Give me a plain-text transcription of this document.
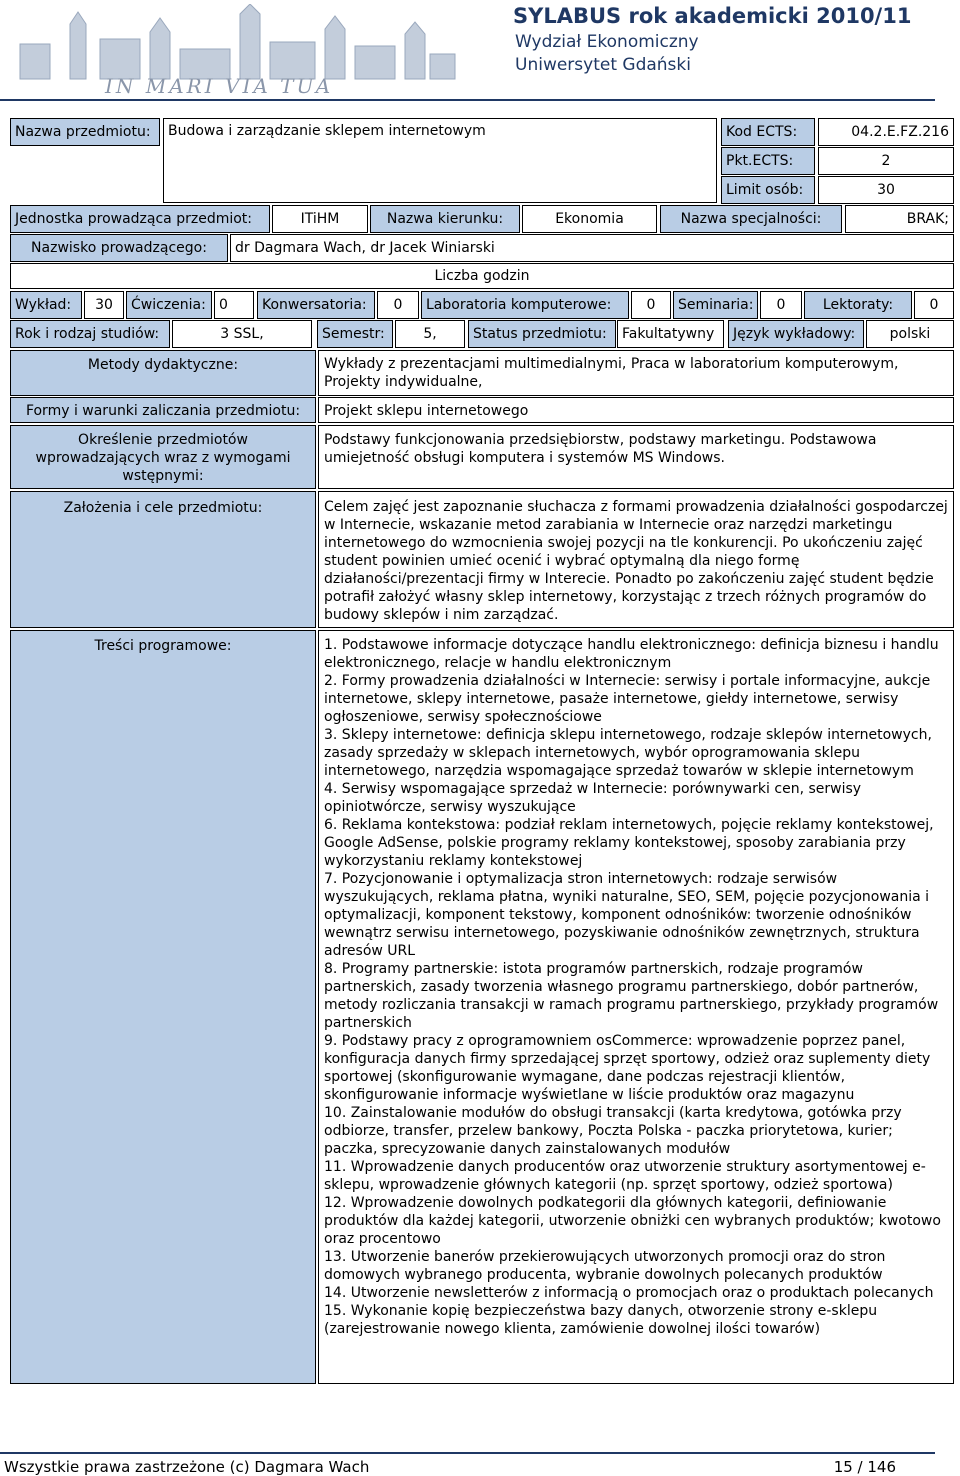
IN MARI VIA TUA
SYLABUS rok akademicki 2010/11
Wydział Ekonomiczny
Uniwersytet Gdański
Nazwa przedmiotu:	Budowa i zarządzanie sklepem internetowym	Kod ECTS:	04.2.E.FZ.216
Pkt.ECTS:	2
Limit osób:	30
Jednostka prowadząca przedmiot:	ITiHM	Nazwa kierunku:	Ekonomia	Nazwa specjalności:	BRAK;
Nazwisko prowadzącego:	dr Dagmara Wach, dr Jacek Winiarski
Liczba godzin
Wykład:	30	Ćwiczenia: 0	Konwersatoria:	0	Laboratoria komputerowe:	0	Seminaria:	0	Lektoraty:	0
Rok i rodzaj studiów:	3 SSL,	Semestr:	5,	Status przedmiotu:	Fakultatywny	Język wykładowy:	polski
Metody dydaktyczne:	Wykłady z prezentacjami multimedialnymi, Praca w laboratorium komputerowym, Projekty indywidualne,
Formy i warunki zaliczania przedmiotu:	Projekt sklepu internetowego
Określenie przedmiotów wprowadzających wraz z wymogami wstępnymi:
Podstawy funkcjonowania przedsiębiorstw, podstawy marketingu. Podstawowa umiejetność obsługi komputera i systemów MS Windows.
Założenia i cele przedmiotu:	Celem zajęć jest zapoznanie słuchacza z formami prowadzenia działalności gospodarczej w Internecie, wskazanie metod zarabiania w Internecie oraz narzędzi marketingu internetowego do wzmocnienia swojej pozycji na tle konkurencji. Po ukończeniu zajęć student powinien umieć ocenić i wybrać optymalną dla niego formę działaności/prezentacji firmy w Interecie. Ponadto po zakończeniu zajęć student będzie potrafił założyć własny sklep internetowy, korzystając z trzech różnych programów do budowy sklepów i nim zarządzać.
Treści programowe:	1. Podstawowe informacje dotyczące handlu elektronicznego: definicja biznesu i handlu elektronicznego, relacje w handlu elektronicznym
2. Formy prowadzenia działalności w Internecie: serwisy i portale informacyjne, aukcje internetowe, sklepy internetowe, pasaże internetowe, giełdy internetowe, serwisy ogłoszeniowe, serwisy społecznościowe
3. Sklepy internetowe: definicja sklepu internetowego, rodzaje sklepów internetowych, zasady sprzedaży w sklepach internetowych, wybór oprogramowania sklepu internetowego, narzędzia wspomagające sprzedaż towarów w sklepie internetowym
4. Serwisy wspomagające sprzedaż w Internecie: porównywarki cen, serwisy opiniotwórcze, serwisy wyszukujące
6. Reklama kontekstowa: podział reklam internetowych, pojęcie reklamy kontekstowej, Google AdSense, polskie programy reklamy kontekstowej, sposoby zarabiania przy wykorzystaniu reklamy kontekstowej
7. Pozycjonowanie i optymalizacja stron internetowych: rodzaje serwisów wyszukujących, reklama płatna, wyniki naturalne, SEO, SEM, pojęcie pozycjonowania i optymalizacji, komponent tekstowy, komponent odnośników: tworzenie odnośników wewnątrz serwisu internetowego, pozyskiwanie odnośników zewnętrznych, struktura adresów URL
8. Programy partnerskie: istota programów partnerskich, rodzaje programów partnerskich, zasady tworzenia własnego programu partnerskiego, dobór partnerów, metody rozliczania transakcji w ramach programu partnerskiego, przykłady programów partnerskich
9. Podstawy pracy z oprogramowniem osCommerce: wprowadzenie poprzez panel, konfiguracja danych firmy sprzedającej sprzęt sportowy, odzież oraz suplementy diety sportowej (skonfigurowanie wymagane, dane podczas rejestracji klientów, skonfigurowanie informacje wyświetlane w liście produktów oraz magazynu
10. Zainstalowanie modułów do obsługi transakcji (karta kredytowa, gotówka przy odbiorze, transfer, przelew bankowy, Poczta Polska - paczka priorytetowa, kurier; paczka, sprecyzowanie danych zainstalowanych modułów
11. Wprowadzenie danych producentów oraz utworzenie struktury asortymentowej e-sklepu, wprowadzenie głównych kategorii (np. sprzęt sportowy, odzież sportowa)
12. Wprowadzenie dowolnych podkategorii dla głównych kategorii, definiowanie produktów dla każdej kategorii, utworzenie obniżki cen wybranych produktów; kwotowo oraz procentowo
13. Utworzenie banerów przekierowujących utworzonych promocji oraz do stron domowych wybranego producenta, wybranie dowolnych polecanych produktów
14. Utworzenie newsletterów z informacją o promocjach oraz o produktach polecanych
15. Wykonanie kopię bezpieczeństwa bazy danych, otworzenie strony e-sklepu (zarejestrowanie nowego klienta, zamówienie dowolnej ilości towarów)
Wszystkie prawa zastrzeżone (c) Dagmara Wach	15 / 146
